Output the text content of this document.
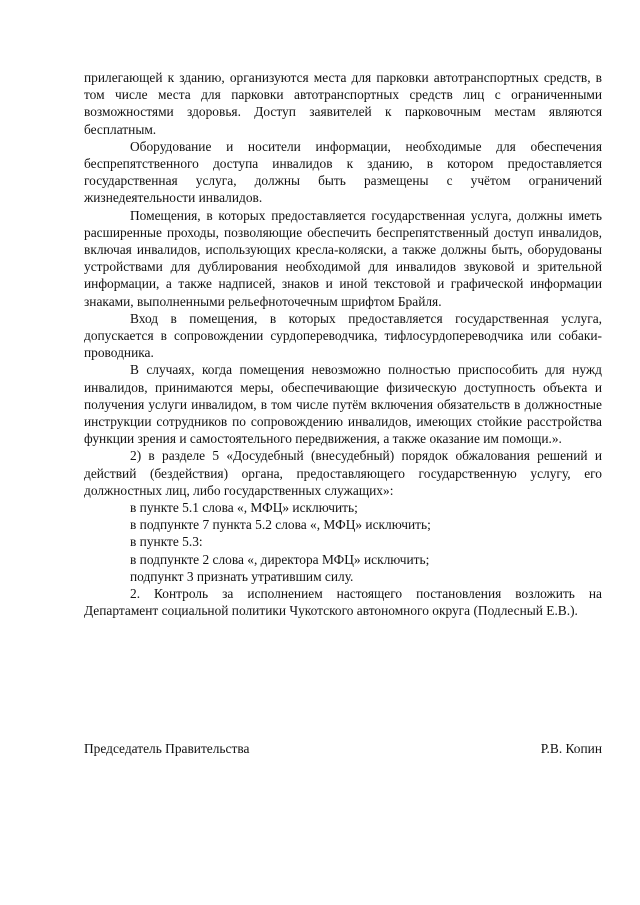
прилегающей к зданию, организуются места для парковки автотранспортных средств, в том числе места для парковки автотранспортных средств лиц с ограниченными возможностями здоровья. Доступ заявителей к парковочным местам являются бесплатным.

Оборудование и носители информации, необходимые для обеспечения беспрепятственного доступа инвалидов к зданию, в котором предоставляется государственная услуга, должны быть размещены с учётом ограничений жизнедеятельности инвалидов.

Помещения, в которых предоставляется государственная услуга, должны иметь расширенные проходы, позволяющие обеспечить беспрепятственный доступ инвалидов, включая инвалидов, использующих кресла-коляски, а также должны быть, оборудованы устройствами для дублирования необходимой для инвалидов звуковой и зрительной информации, а также надписей, знаков и иной текстовой и графической информации знаками, выполненными рельефноточечным шрифтом Брайля.

Вход в помещения, в которых предоставляется государственная услуга, допускается в сопровождении сурдопереводчика, тифлосурдопереводчика или собаки-проводника.

В случаях, когда помещения невозможно полностью приспособить для нужд инвалидов, принимаются меры, обеспечивающие физическую доступность объекта и получения услуги инвалидом, в том числе путём включения обязательств в должностные инструкции сотрудников по сопровождению инвалидов, имеющих стойкие расстройства функции зрения и самостоятельного передвижения, а также оказание им помощи.».

2) в разделе 5 «Досудебный (внесудебный) порядок обжалования решений и действий (бездействия) органа, предоставляющего государственную услугу, его должностных лиц, либо государственных служащих»:

в пункте 5.1 слова «, МФЦ» исключить;

в подпункте 7 пункта 5.2 слова «, МФЦ» исключить;

в пункте 5.3:

в подпункте 2 слова «, директора МФЦ» исключить;

подпункт 3 признать утратившим силу.

2. Контроль за исполнением настоящего постановления возложить на Департамент социальной политики Чукотского автономного округа (Подлесный Е.В.).

Председатель Правительства	Р.В. Копин
